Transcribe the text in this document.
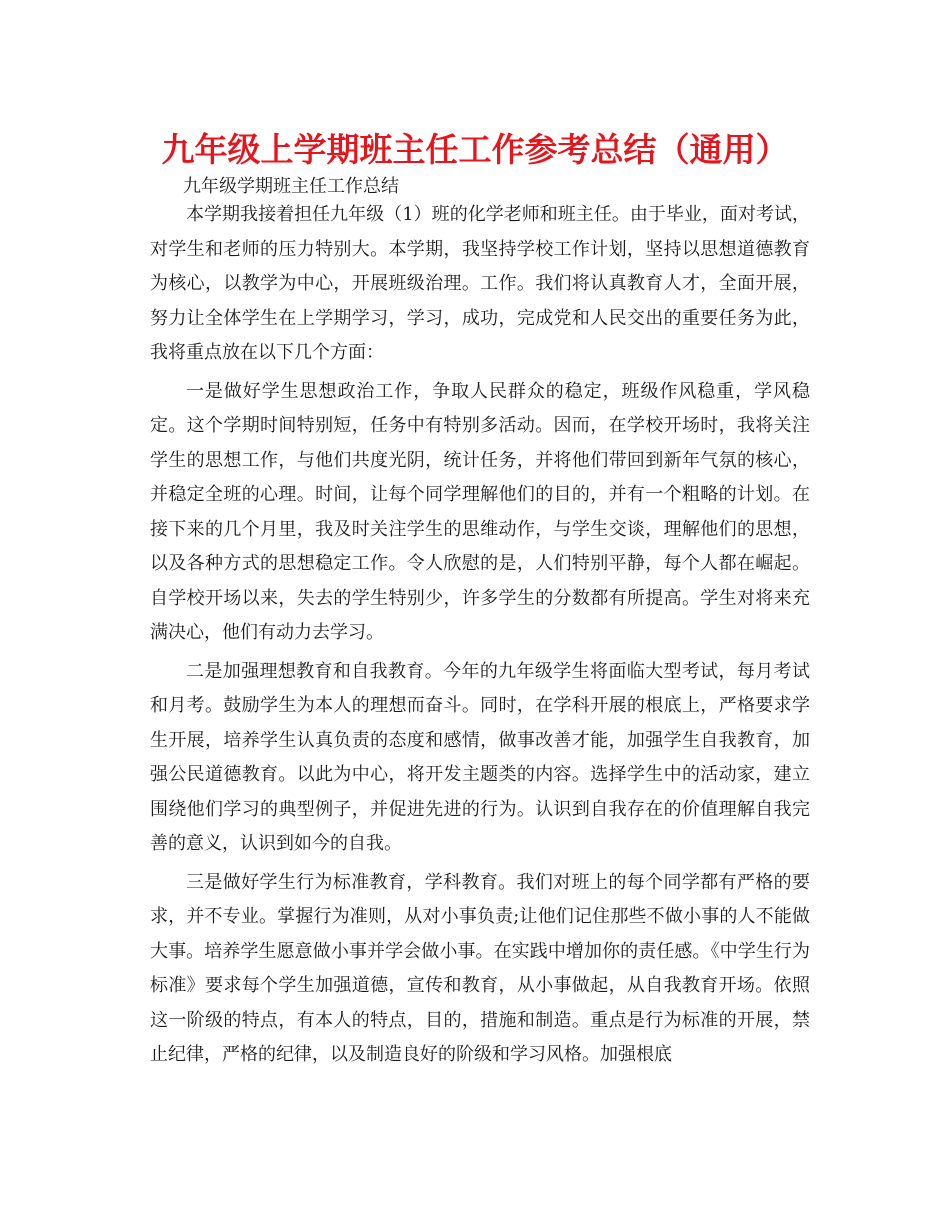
九年级上学期班主任工作参考总结（通用）
九年级学期班主任工作总结

本学期我接着担任九年级（1）班的化学老师和班主任。由于毕业，面对考试，对学生和老师的压力特别大。本学期，我坚持学校工作计划，坚持以思想道德教育为核心，以教学为中心，开展班级治理。工作。我们将认真教育人才，全面开展，努力让全体学生在上学期学习，学习，成功，完成党和人民交出的重要任务为此，我将重点放在以下几个方面：

一是做好学生思想政治工作，争取人民群众的稳定，班级作风稳重，学风稳定。这个学期时间特别短，任务中有特别多活动。因而，在学校开场时，我将关注学生的思想工作，与他们共度光阴，统计任务，并将他们带回到新年气氛的核心，并稳定全班的心理。时间，让每个同学理解他们的目的，并有一个粗略的计划。在接下来的几个月里，我及时关注学生的思维动作，与学生交谈，理解他们的思想，以及各种方式的思想稳定工作。令人欣慰的是，人们特别平静，每个人都在崛起。自学校开场以来，失去的学生特别少，许多学生的分数都有所提高。学生对将来充满决心，他们有动力去学习。

二是加强理想教育和自我教育。今年的九年级学生将面临大型考试，每月考试和月考。鼓励学生为本人的理想而奋斗。同时，在学科开展的根底上，严格要求学生开展，培养学生认真负责的态度和感情，做事改善才能，加强学生自我教育，加强公民道德教育。以此为中心，将开发主题类的内容。选择学生中的活动家，建立围绕他们学习的典型例子，并促进先进的行为。认识到自我存在的价值理解自我完善的意义，认识到如今的自我。

三是做好学生行为标准教育，学科教育。我们对班上的每个同学都有严格的要求，并不专业。掌握行为准则，从对小事负责;让他们记住那些不做小事的人不能做大事。培养学生愿意做小事并学会做小事。在实践中增加你的责任感。《中学生行为标准》要求每个学生加强道德，宣传和教育，从小事做起，从自我教育开场。依照这一阶级的特点，有本人的特点，目的，措施和制造。重点是行为标准的开展，禁止纪律，严格的纪律，以及制造良好的阶级和学习风格。加强根底
